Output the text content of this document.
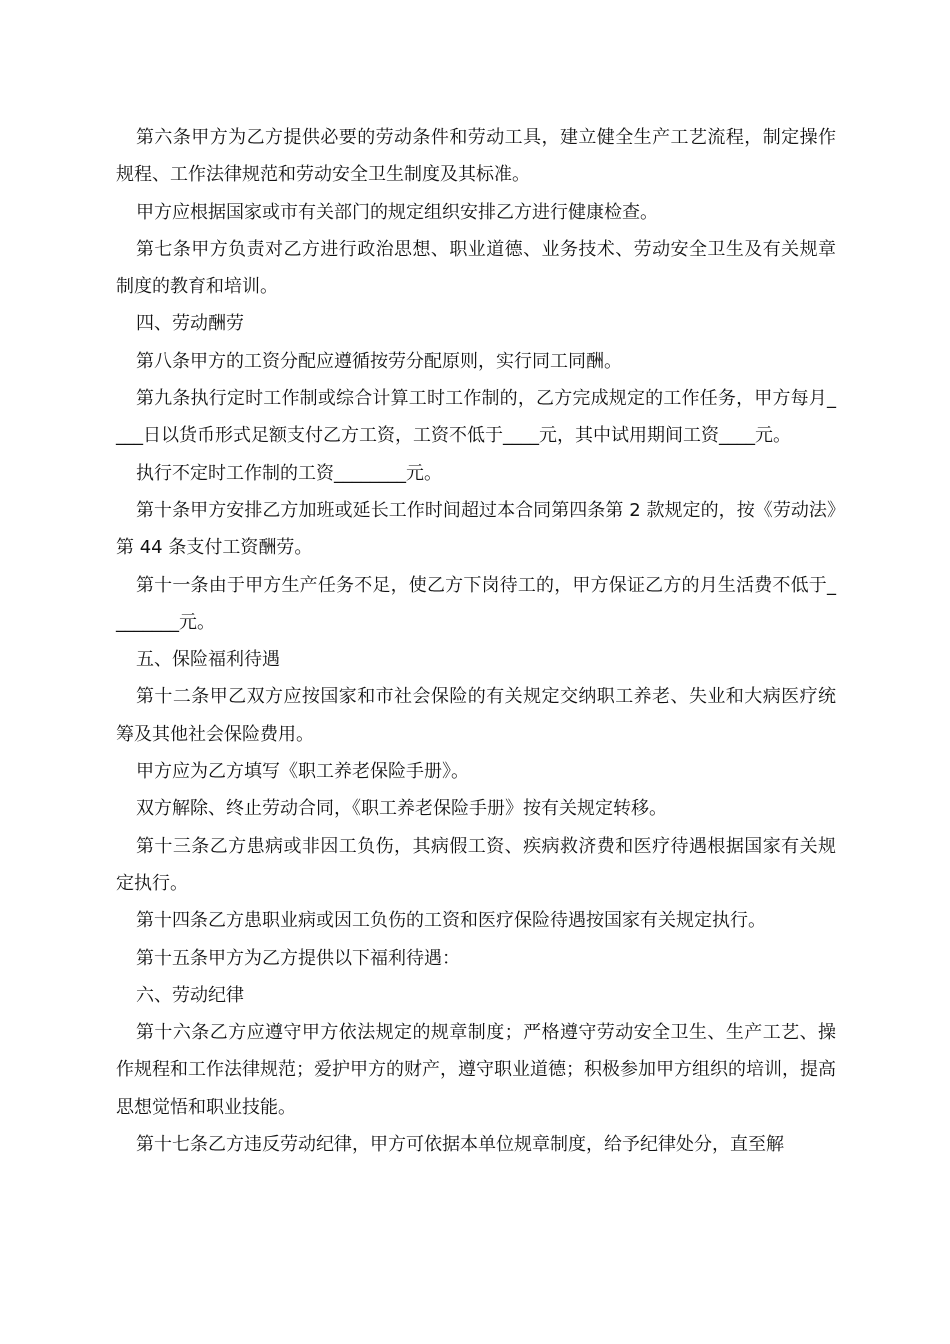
第六条甲方为乙方提供必要的劳动条件和劳动工具，建立健全生产工艺流程，制定操作规程、工作法律规范和劳动安全卫生制度及其标准。

甲方应根据国家或市有关部门的规定组织安排乙方进行健康检查。

第七条甲方负责对乙方进行政治思想、职业道德、业务技术、劳动安全卫生及有关规章制度的教育和培训。

四、劳动酬劳

第八条甲方的工资分配应遵循按劳分配原则，实行同工同酬。

第九条执行定时工作制或综合计算工时工作制的，乙方完成规定的工作任务，甲方每月____日以货币形式足额支付乙方工资，工资不低于____元，其中试用期间工资____元。

执行不定时工作制的工资________元。

第十条甲方安排乙方加班或延长工作时间超过本合同第四条第 2 款规定的，按《劳动法》第 44 条支付工资酬劳。

第十一条由于甲方生产任务不足，使乙方下岗待工的，甲方保证乙方的月生活费不低于________元。

五、保险福利待遇

第十二条甲乙双方应按国家和市社会保险的有关规定交纳职工养老、失业和大病医疗统筹及其他社会保险费用。

甲方应为乙方填写《职工养老保险手册》。

双方解除、终止劳动合同，《职工养老保险手册》按有关规定转移。

第十三条乙方患病或非因工负伤，其病假工资、疾病救济费和医疗待遇根据国家有关规定执行。

第十四条乙方患职业病或因工负伤的工资和医疗保险待遇按国家有关规定执行。

第十五条甲方为乙方提供以下福利待遇：

六、劳动纪律

第十六条乙方应遵守甲方依法规定的规章制度；严格遵守劳动安全卫生、生产工艺、操作规程和工作法律规范；爱护甲方的财产，遵守职业道德；积极参加甲方组织的培训，提高思想觉悟和职业技能。

第十七条乙方违反劳动纪律，甲方可依据本单位规章制度，给予纪律处分，直至解
